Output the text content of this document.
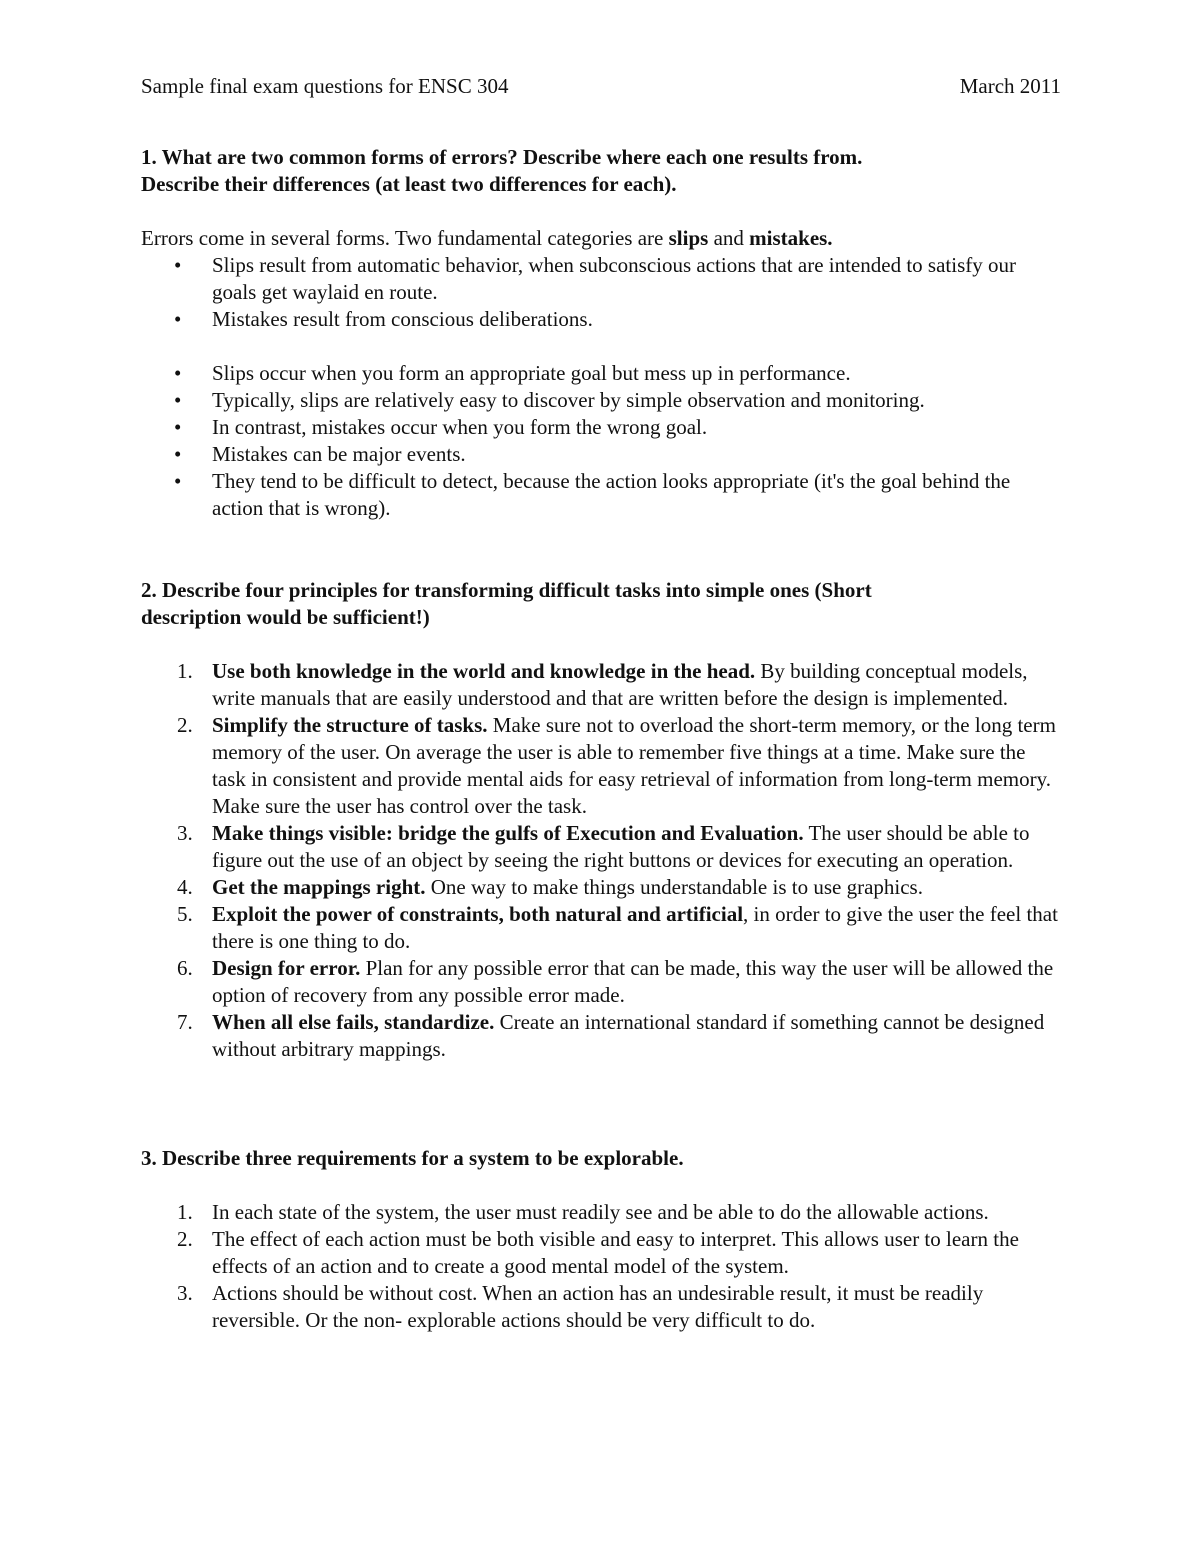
Sample final exam questions for ENSC 304	March 2011
1. What are two common forms of errors? Describe where each one results from.
Describe their differences (at least two differences for each).
Errors come in several forms. Two fundamental categories are slips and mistakes.
• Slips result from automatic behavior, when subconscious actions that are intended to satisfy our goals get waylaid en route.
• Mistakes result from conscious deliberations.
• Slips occur when you form an appropriate goal but mess up in performance.
• Typically, slips are relatively easy to discover by simple observation and monitoring.
• In contrast, mistakes occur when you form the wrong goal.
• Mistakes can be major events.
• They tend to be difficult to detect, because the action looks appropriate (it's the goal behind the action that is wrong).
2. Describe four principles for transforming difficult tasks into simple ones (Short
description would be sufficient!)
1. Use both knowledge in the world and knowledge in the head. By building conceptual models, write manuals that are easily understood and that are written before the design is implemented.
2. Simplify the structure of tasks. Make sure not to overload the short-term memory, or the long term memory of the user. On average the user is able to remember five things at a time. Make sure the task in consistent and provide mental aids for easy retrieval of information from long-term memory. Make sure the user has control over the task.
3. Make things visible: bridge the gulfs of Execution and Evaluation. The user should be able to figure out the use of an object by seeing the right buttons or devices for executing an operation.
4. Get the mappings right. One way to make things understandable is to use graphics.
5. Exploit the power of constraints, both natural and artificial, in order to give the user the feel that there is one thing to do.
6. Design for error. Plan for any possible error that can be made, this way the user will be allowed the option of recovery from any possible error made.
7. When all else fails, standardize. Create an international standard if something cannot be designed without arbitrary mappings.
3. Describe three requirements for a system to be explorable.
1. In each state of the system, the user must readily see and be able to do the allowable actions.
2. The effect of each action must be both visible and easy to interpret. This allows user to learn the effects of an action and to create a good mental model of the system.
3. Actions should be without cost. When an action has an undesirable result, it must be readily reversible. Or the non- explorable actions should be very difficult to do.
